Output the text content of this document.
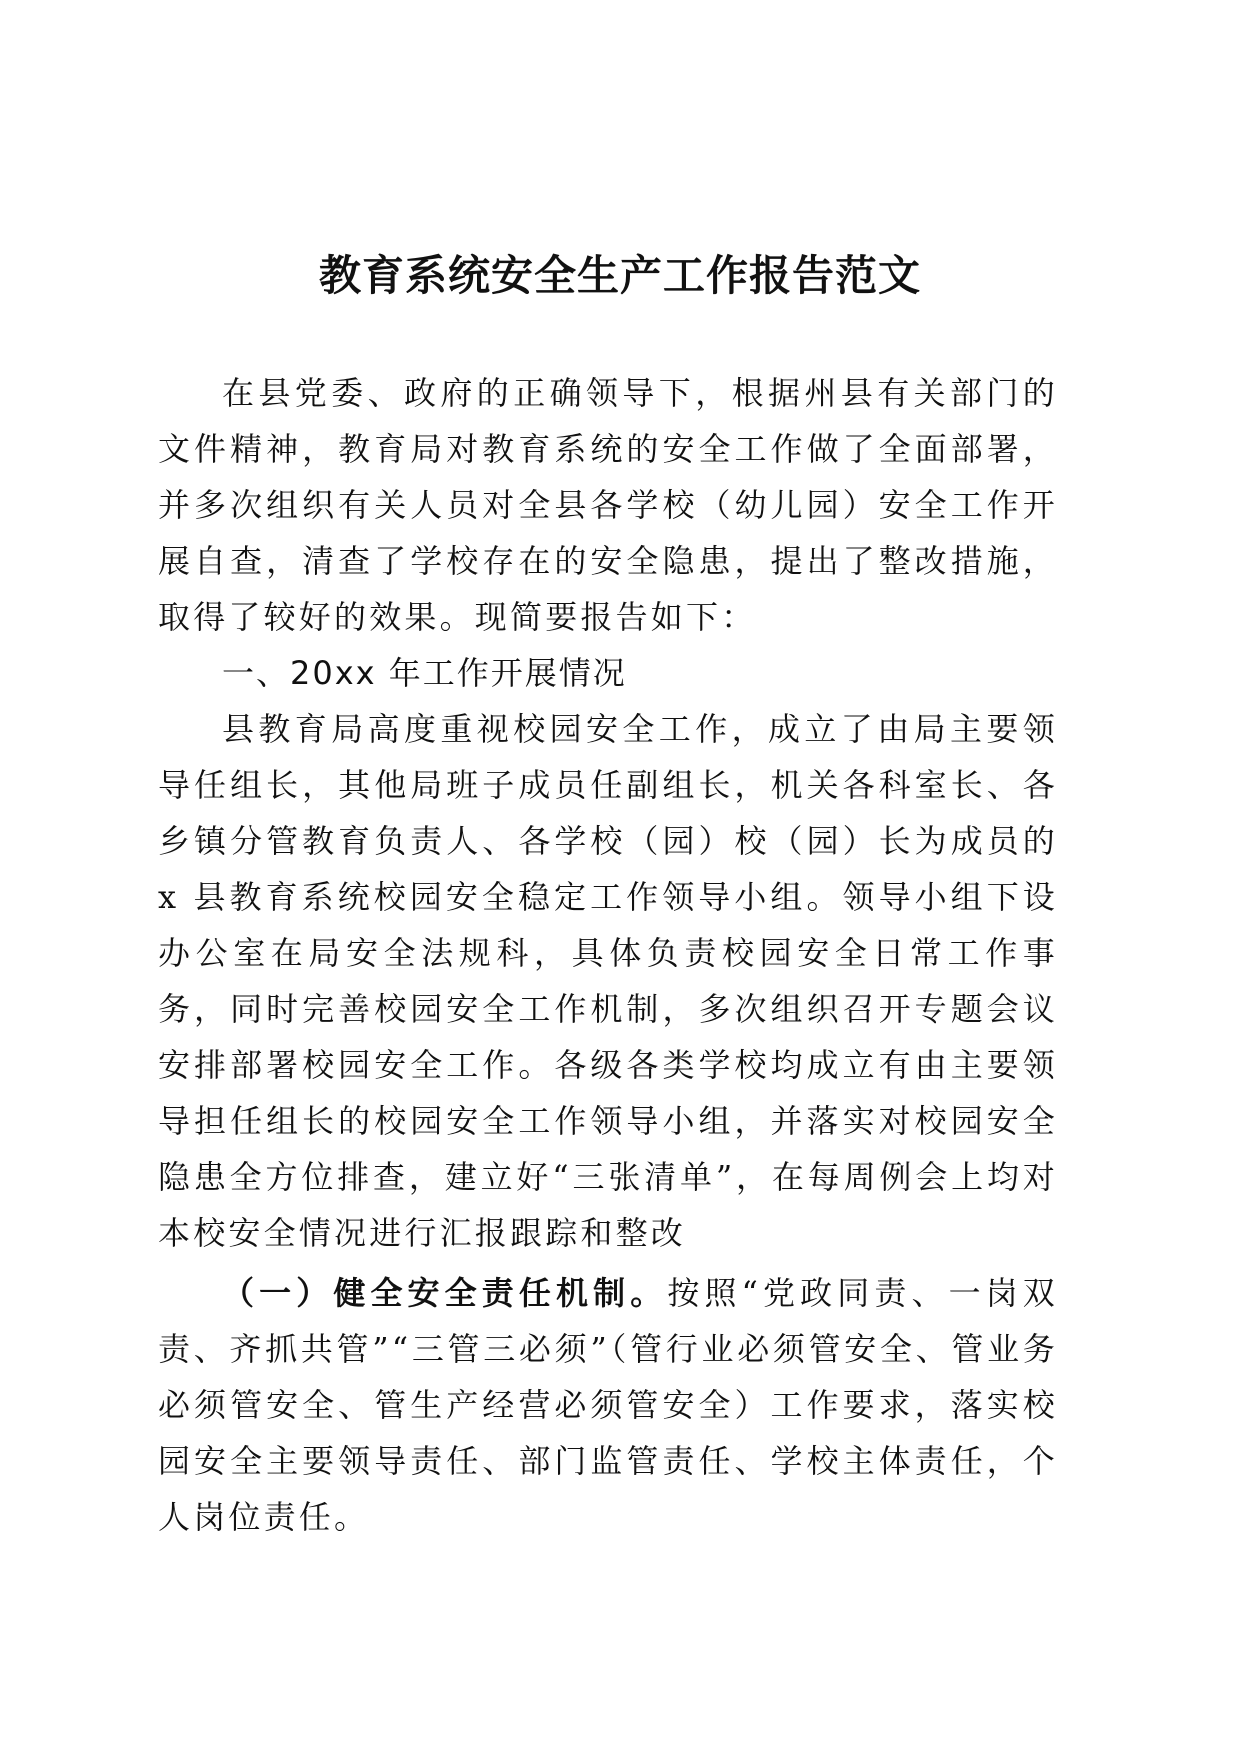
教育系统安全生产工作报告范文

在县党委、政府的正确领导下，根据州县有关部门的文件精神，教育局对教育系统的安全工作做了全面部署，并多次组织有关人员对全县各学校（幼儿园）安全工作开展自查，清查了学校存在的安全隐患，提出了整改措施，取得了较好的效果。现简要报告如下：

一、20xx 年工作开展情况

县教育局高度重视校园安全工作，成立了由局主要领导任组长，其他局班子成员任副组长，机关各科室长、各乡镇分管教育负责人、各学校（园）校（园）长为成员的 x 县教育系统校园安全稳定工作领导小组。领导小组下设办公室在局安全法规科，具体负责校园安全日常工作事务，同时完善校园安全工作机制，多次组织召开专题会议安排部署校园安全工作。各级各类学校均成立有由主要领导担任组长的校园安全工作领导小组，并落实对校园安全隐患全方位排查，建立好“三张清单”，在每周例会上均对本校安全情况进行汇报跟踪和整改

（一）健全安全责任机制。按照“党政同责、一岗双责、齐抓共管”“三管三必须”（管行业必须管安全、管业务必须管安全、管生产经营必须管安全）工作要求，落实校园安全主要领导责任、部门监管责任、学校主体责任，个人岗位责任。
